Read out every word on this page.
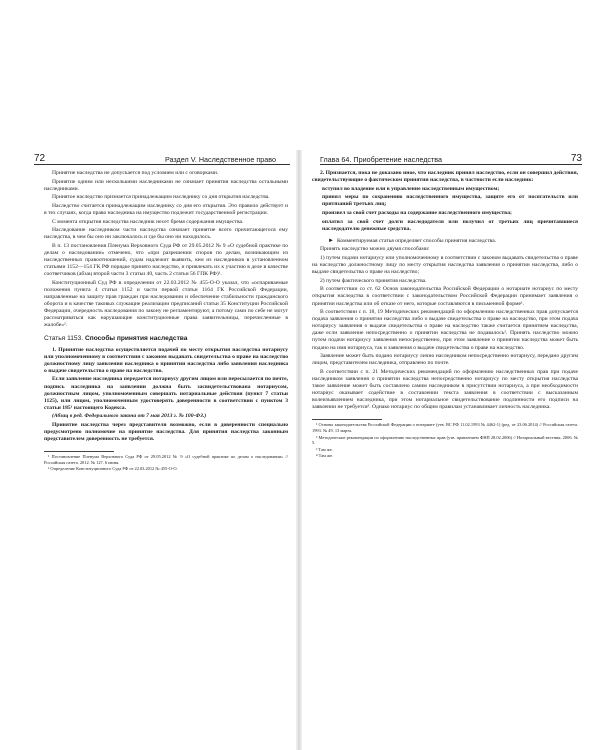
72	Раздел V. Наследственное право	Глава 64. Приобретение наследства	73

Принятие наследства не допускается под условием или с оговорками.

Принятие одним или несколькими наследниками не означает принятия наследства остальными наследниками.

Принятое наследство признается принадлежащим наследнику со дня открытия наследства.

Наследство считается принадлежащим наследнику со дня его открытия. Это правило действует и в тех случаях, когда право наследника на имущество подлежит государственной регистрации.

С момента открытия наследства наследник несет бремя содержания имущества.

Наследование наследником части наследства означает принятие всего причитающегося ему наследства, в чем бы оно ни заключалось и где бы оно ни находилось.

В п. 13 постановления Пленума Верховного Суда РФ от 29.05.2012 № 9 «О судебной практике по делам о наследовании» отмечено, что «при разрешении споров по делам, возникающим из наследственных правоотношений, судам надлежит выявить, кем из наследников в установленном статьями 1152—154 ГК РФ порядке принято наследство, и привлекать их к участию в деле в качестве соответчиков (абзац второй части 3 статьи 40, часть 2 статьи 56 ГПК РФ)¹.

Конституционный Суд РФ в определении от 22.03.2012 № 455-О-О указал, что «оспариваемые положения пункта 4 статьи 1152 и части первой статьи 1164 ГК Российской Федерации, направленные на защиту прав граждан при наследовании и обеспечение стабильности гражданского оборота и в качестве таковых служащие реализации предписаний статьи 35 Конституции Российской Федерации, очередность наследования по закону не регламентируют, а потому сами по себе не могут рассматриваться как нарушающие конституционные права заявительницы, перечисленные в жалобе»².

Статья 1153. Способы принятия наследства

1. Принятие наследства осуществляется подачей по месту открытия наследства нотариусу или уполномоченному в соответствии с законом выдавать свидетельства о праве на наследство должностному лицу заявления наследника о принятии наследства либо заявления наследника о выдаче свидетельства о праве на наследство.

Если заявление наследника передается нотариусу другим лицом или пересылается по почте, подпись наследника на заявлении должна быть засвидетельствована нотариусом, должностным лицом, уполномоченным совершать нотариальные действия (пункт 7 статьи 1125), или лицом, уполномоченным удостоверять доверенности в соответствии с пунктом 3 статьи 185¹ настоящего Кодекса.

(Абзац в ред. Федерального закона от 7 мая 2013 г. № 100-ФЗ.)

Принятие наследства через представителя возможно, если в доверенности специально предусмотрено полномочие на принятие наследства. Для принятия наследства законным представителем доверенность не требуется.

¹ Постановление Пленума Верховного Суда РФ от 29.05.2012 № 9 «О судебной практике по делам о наследовании» // Российская газета. 2012. № 127. 6 июня.

² Определение Конституционного Суда РФ от 22.03.2012 № 455-О-О.

2. Признается, пока не доказано иное, что наследник принял наследство, если он совершил действия, свидетельствующие о фактическом принятии наследства, в частности если наследник:

вступил во владение или в управление наследственным имуществом;

принял меры по сохранению наследственного имущества, защите его от посягательств или притязаний третьих лиц;

произвел за свой счет расходы на содержание наследственного имущества;

оплатил за свой счет долги наследодателя или получил от третьих лиц причитавшиеся наследодателю денежные средства.

► Комментируемая статья определяет способы принятия наследства.

Принять наследство можно двумя способами:

1) путем подачи нотариусу или уполномоченному в соответствии с законом выдавать свидетельства о праве на наследство должностному лицу по месту открытия наследства заявления о принятии наследства, либо о выдаче свидетельства о праве на наследство;

2) путем фактического принятия наследства.

В соответствии со ст. 62 Основ законодательства Российской Федерации о нотариате нотариус по месту открытия наследства в соответствии с законодательством Российской Федерации принимает заявления о принятии наследства или об отказе от него, которые составляются в письменной форме¹.

В соответствии с п. 18, 19 Методических рекомендаций по оформлению наследственных прав допускается подача заявления о принятии наследства либо о выдаче свидетельства о праве на наследство, при этом подача нотариусу заявления о выдаче свидетельства о праве на наследство также считается принятием наследства, даже если заявление непосредственно о принятии наследства не подавалось². Принять наследство можно путем подачи нотариусу заявления непосредственно, при этом заявление о принятии наследства может быть подано на имя нотариуса, так и заявления о выдаче свидетельства о праве на наследство.

Заявление может быть подано нотариусу лично наследником непосредственно нотариусу, передано другим лицом, представителем наследника, отправлено по почте.

В соответствии с п. 21 Методических рекомендаций по оформлению наследственных прав при подаче наследником заявления о принятии наследства непосредственно нотариусу по месту открытия наследства такое заявление может быть составлено самим наследником в присутствии нотариуса, а при необходимости нотариус оказывает содействие в составлении текста заявления в соответствии с высказанным волеизъявлением наследника, при этом нотариальное свидетельствование подлинности его подписи на заявлении не требуется³. Однако нотариус по общим правилам устанавливает личность наследника.

¹ Основы законодательства Российской Федерации о нотариате (утв. ВС РФ 11.02.1993 № 4462-1) (ред. от 23.06.2014) // Российская газета. 1993. № 49. 13 марта.

² Методические рекомендации по оформлению наследственных прав (утв. правлением ФНП 28.02.2006) // Нотариальный вестник. 2006. № 5.

³ Там же.

⁴ Там же.
